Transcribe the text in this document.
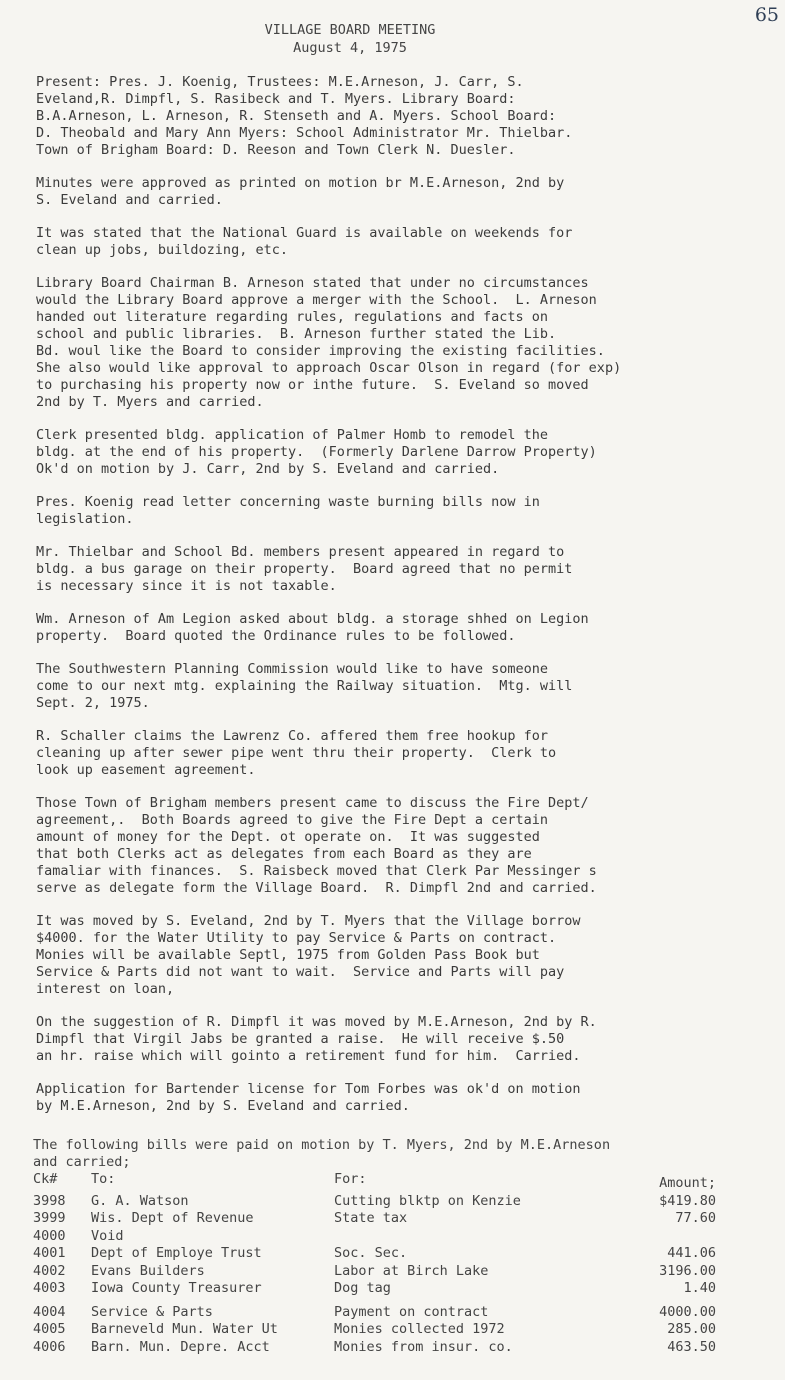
65
VILLAGE BOARD MEETING
August 4, 1975

Present: Pres. J. Koenig, Trustees: M.E.Arneson, J. Carr, S.
Eveland,R. Dimpfl, S. Rasibeck and T. Myers. Library Board:
B.A.Arneson, L. Arneson, R. Stenseth and A. Myers. School Board:
D. Theobald and Mary Ann Myers: School Administrator Mr. Thielbar.
Town of Brigham Board: D. Reeson and Town Clerk N. Duesler.

Minutes were approved as printed on motion br M.E.Arneson, 2nd by
S. Eveland and carried.

It was stated that the National Guard is available on weekends for
clean up jobs, buildozing, etc.

Library Board Chairman B. Arneson stated that under no circumstances
would the Library Board approve a merger with the School.  L. Arneson
handed out literature regarding rules, regulations and facts on
school and public libraries.  B. Arneson further stated the Lib.
Bd. woul like the Board to consider improving the existing facilities.
She also would like approval to approach Oscar Olson in regard (for exp)
to purchasing his property now or inthe future.  S. Eveland so moved
2nd by T. Myers and carried.

Clerk presented bldg. application of Palmer Homb to remodel the
bldg. at the end of his property.  (Formerly Darlene Darrow Property)
Ok'd on motion by J. Carr, 2nd by S. Eveland and carried.

Pres. Koenig read letter concerning waste burning bills now in
legislation.

Mr. Thielbar and School Bd. members present appeared in regard to
bldg. a bus garage on their property.  Board agreed that no permit
is necessary since it is not taxable.

Wm. Arneson of Am Legion asked about bldg. a storage shhed on Legion
property.  Board quoted the Ordinance rules to be followed.

The Southwestern Planning Commission would like to have someone
come to our next mtg. explaining the Railway situation.  Mtg. will
Sept. 2, 1975.

R. Schaller claims the Lawrenz Co. affered them free hookup for
cleaning up after sewer pipe went thru their property.  Clerk to
look up easement agreement.

Those Town of Brigham members present came to discuss the Fire Dept/
agreement,.  Both Boards agreed to give the Fire Dept a certain
amount of money for the Dept. ot operate on.  It was suggested
that both Clerks act as delegates from each Board as they are
famaliar with finances.  S. Raisbeck moved that Clerk Par Messinger s
serve as delegate form the Village Board.  R. Dimpfl 2nd and carried.

It was moved by S. Eveland, 2nd by T. Myers that the Village borrow
$4000. for the Water Utility to pay Service & Parts on contract.
Monies will be available Septl, 1975 from Golden Pass Book but
Service & Parts did not want to wait.  Service and Parts will pay
interest on loan,

On the suggestion of R. Dimpfl it was moved by M.E.Arneson, 2nd by R.
Dimpfl that Virgil Jabs be granted a raise.  He will receive $.50
an hr. raise which will gointo a retirement fund for him.  Carried.

Application for Bartender license for Tom Forbes was ok'd on motion
by M.E.Arneson, 2nd by S. Eveland and carried.

The following bills were paid on motion by T. Myers, 2nd by M.E.Arneson
and carried;
Ck#	To:	For:	Amount;
3998	G. A. Watson	Cutting blktp on Kenzie	$419.80
3999	Wis. Dept of Revenue	State tax	77.60
4000	Void		
4001	Dept of Employe Trust	Soc. Sec.	441.06
4002	Evans Builders	Labor at Birch Lake	3196.00
4003	Iowa County Treasurer	Dog tag	1.40
4004	Service & Parts	Payment on contract	4000.00
4005	Barneveld Mun. Water Ut	Monies collected 1972	285.00
4006	Barn. Mun. Depre. Acct	Monies from insur. co.	463.50
